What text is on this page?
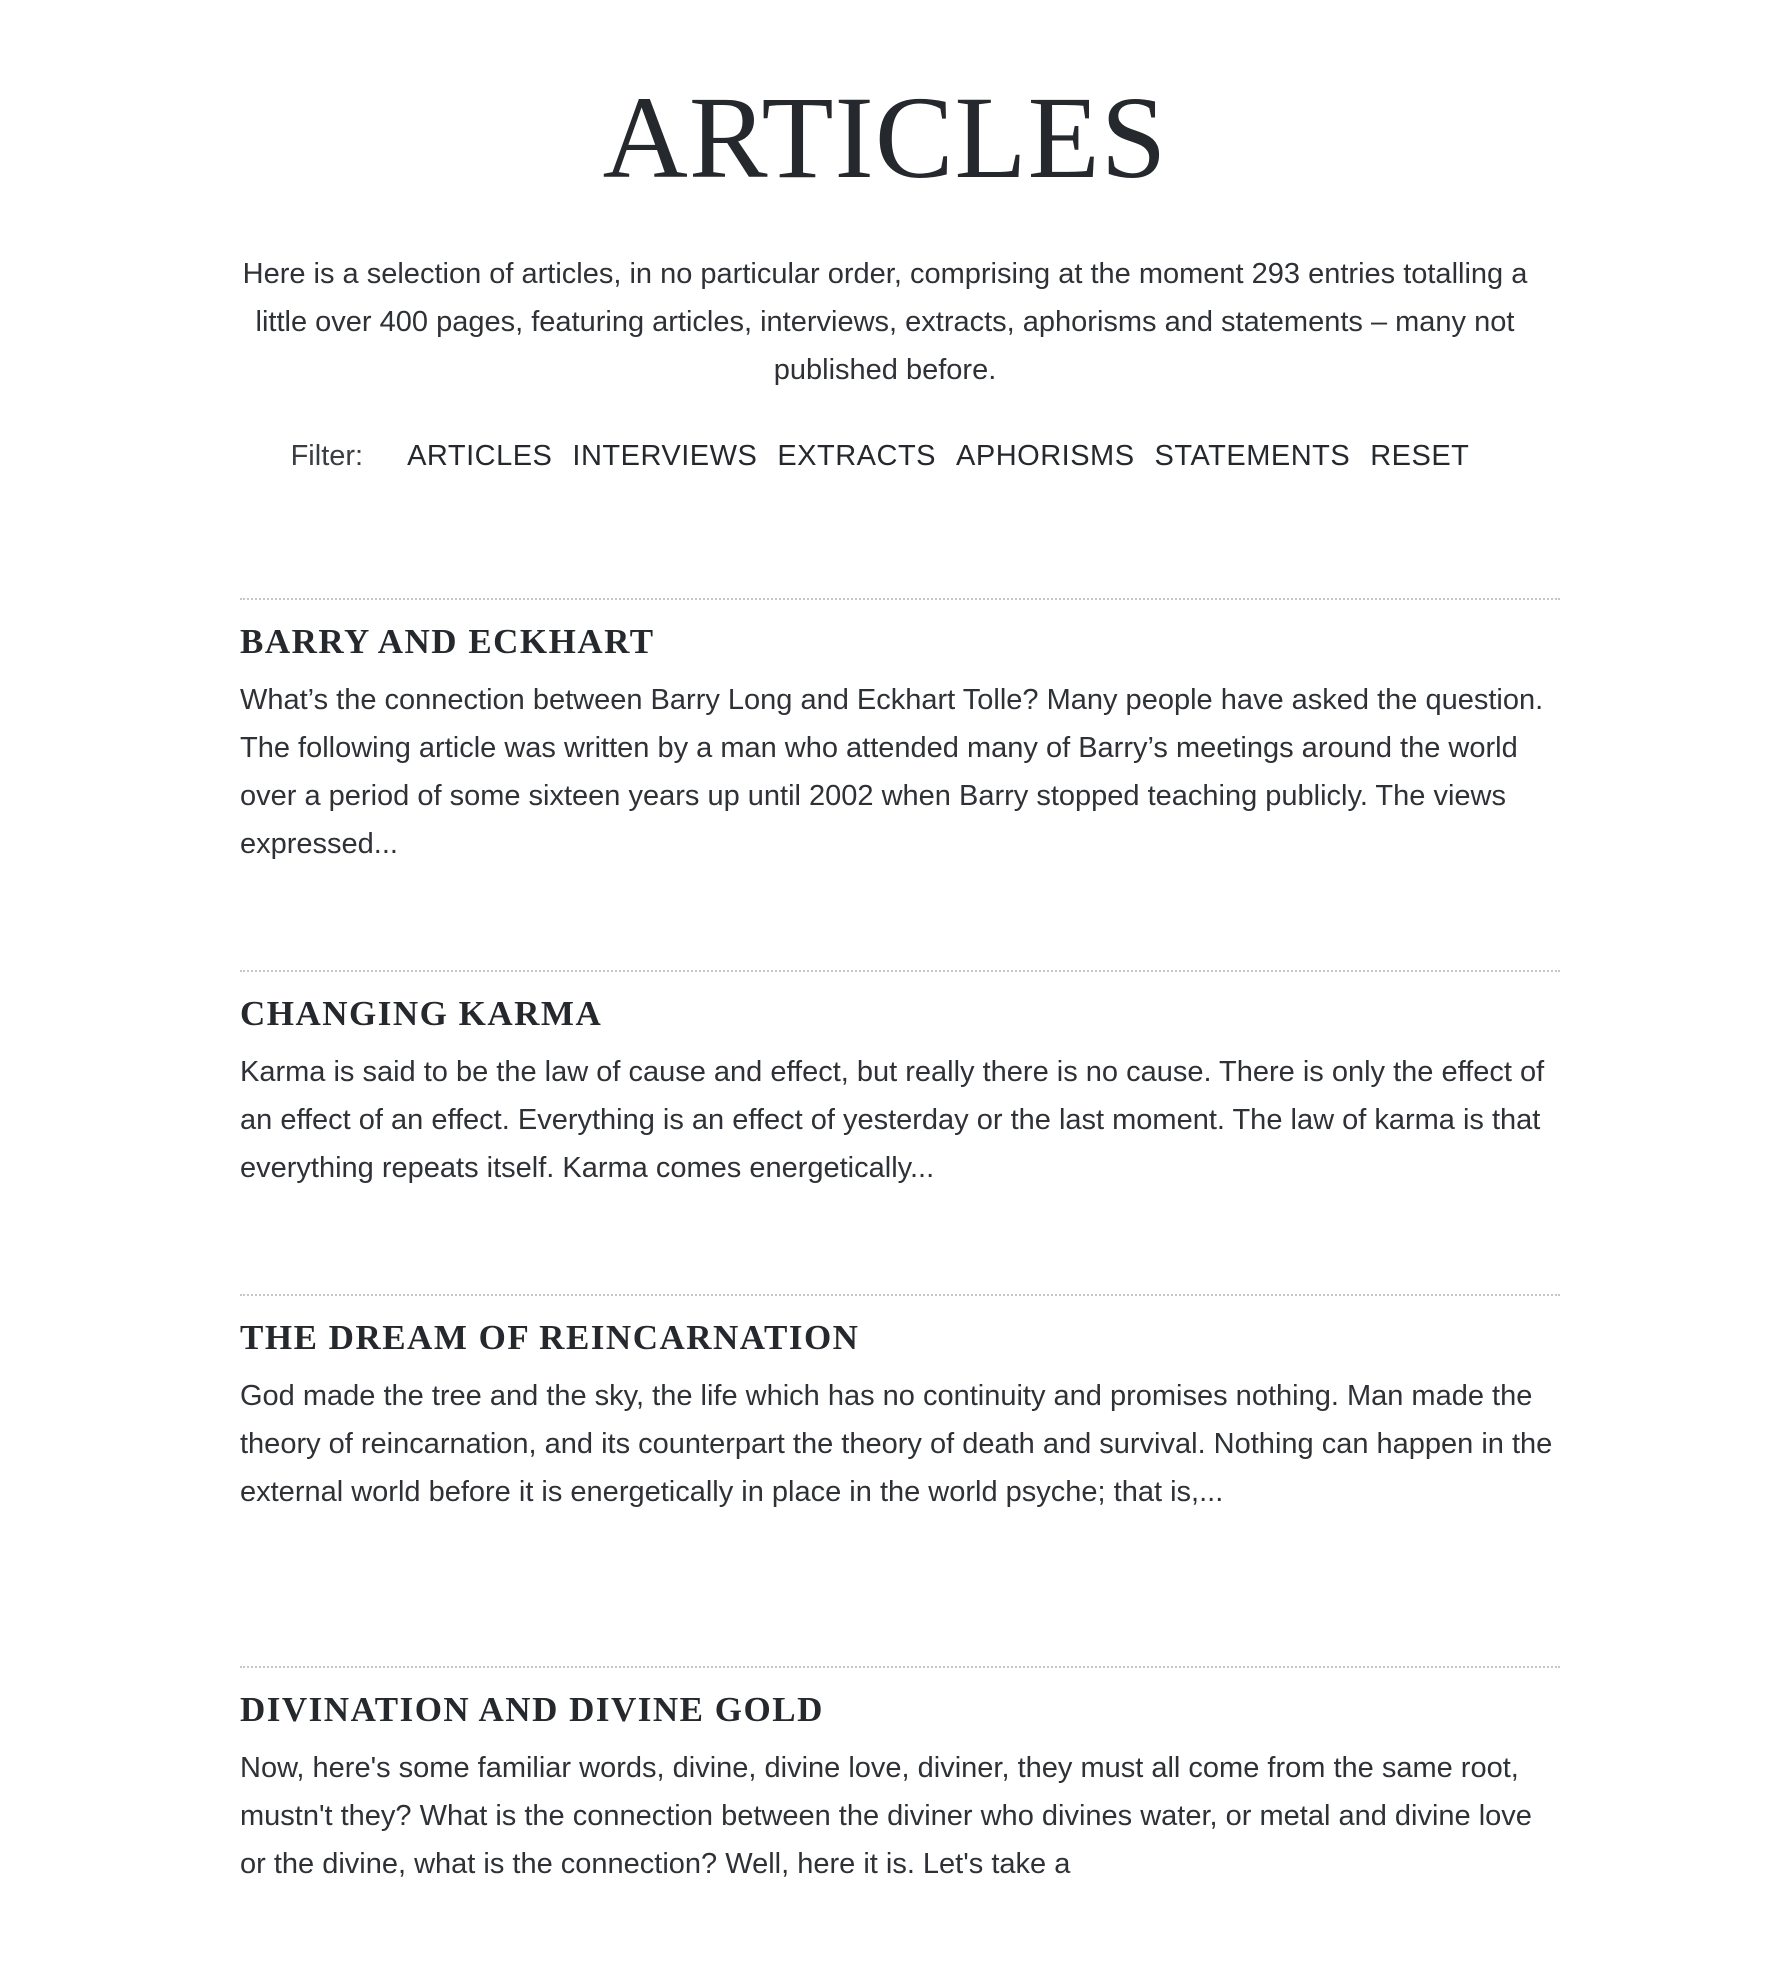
ARTICLES

Here is a selection of articles, in no particular order, comprising at the moment 293 entries totalling a little over 400 pages, featuring articles, interviews, extracts, aphorisms and statements – many not published before.

Filter: ARTICLES INTERVIEWS EXTRACTS APHORISMS STATEMENTS RESET
BARRY AND ECKHART

What’s the connection between Barry Long and Eckhart Tolle? Many people have asked the question. The following article was written by a man who attended many of Barry’s meetings around the world over a period of some sixteen years up until 2002 when Barry stopped teaching publicly. The views expressed...

CHANGING KARMA

Karma is said to be the law of cause and effect, but really there is no cause. There is only the effect of an effect of an effect. Everything is an effect of yesterday or the last moment. The law of karma is that everything repeats itself. Karma comes energetically...

THE DREAM OF REINCARNATION

God made the tree and the sky, the life which has no continuity and promises nothing. Man made the theory of reincarnation, and its counterpart the theory of death and survival. Nothing can happen in the external world before it is energetically in place in the world psyche; that is,...

DIVINATION AND DIVINE GOLD

Now, here's some familiar words, divine, divine love, diviner, they must all come from the same root, mustn't they? What is the connection between the diviner who divines water, or metal and divine love or the divine, what is the connection? Well, here it is. Let's take a
